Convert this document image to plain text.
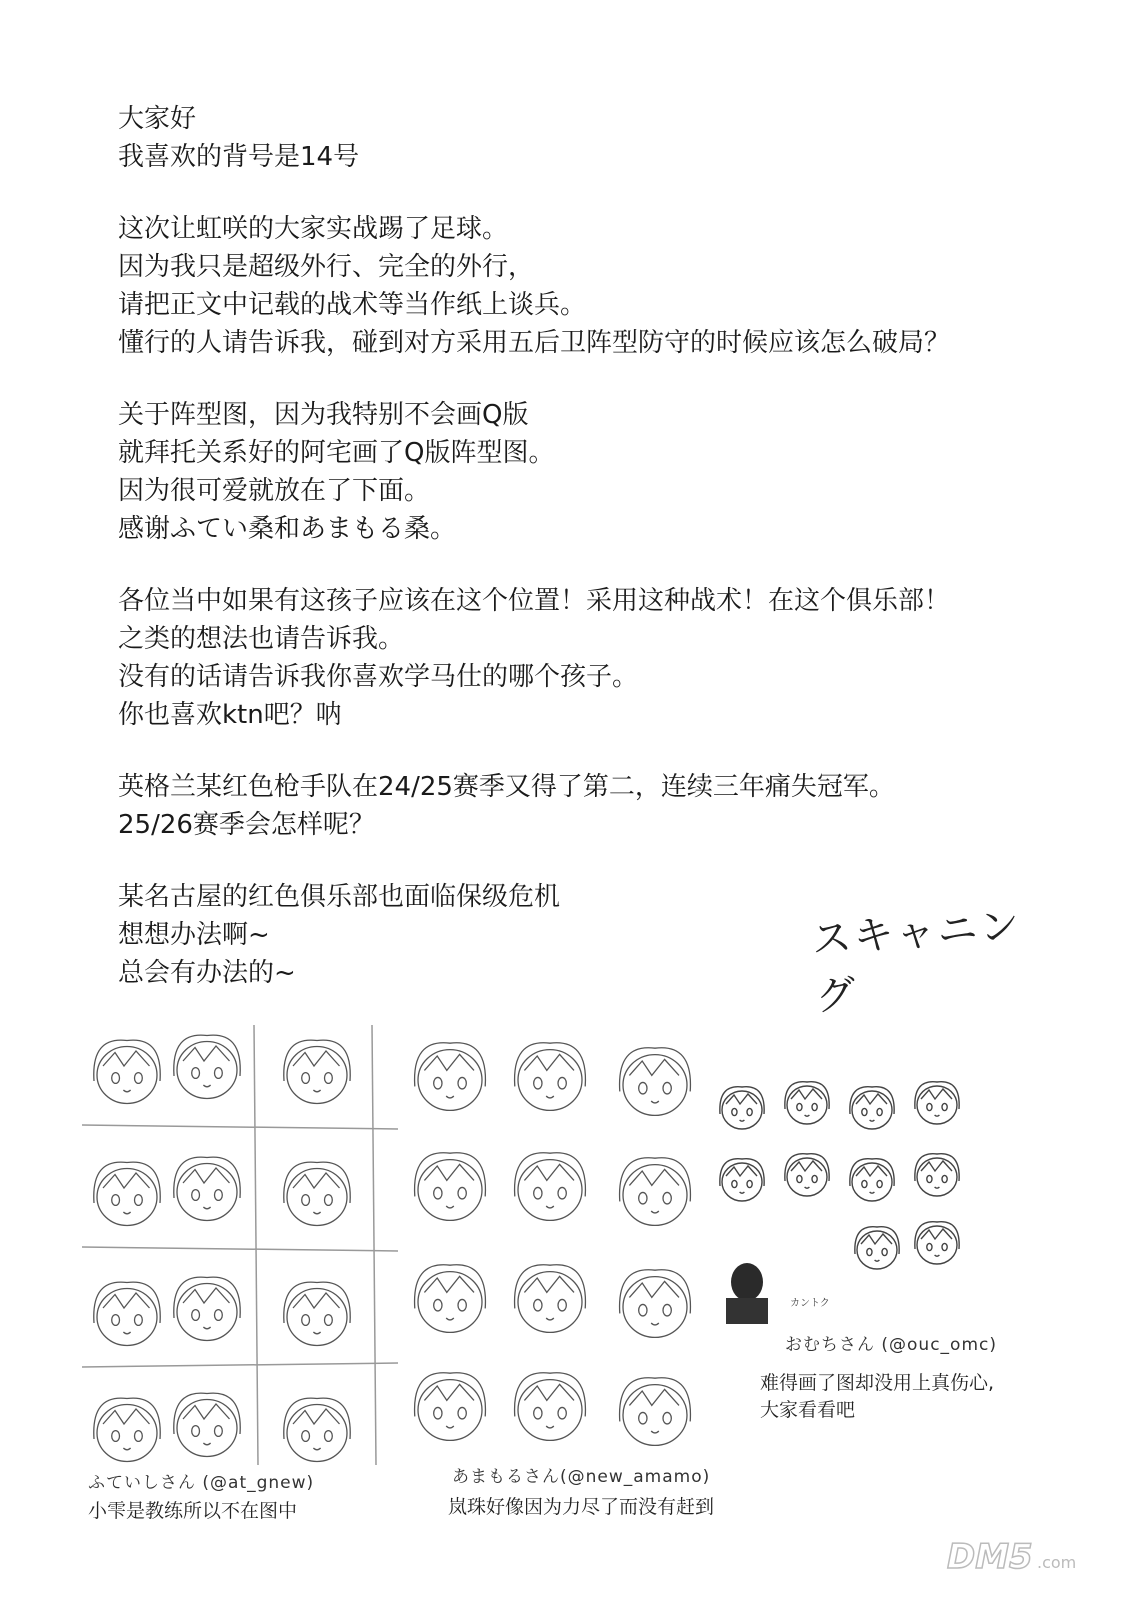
大家好
我喜欢的背号是14号
这次让虹咲的大家实战踢了足球。
因为我只是超级外行、完全的外行，
请把正文中记载的战术等当作纸上谈兵。
懂行的人请告诉我，碰到对方采用五后卫阵型防守的时候应该怎么破局？
关于阵型图，因为我特别不会画Q版
就拜托关系好的阿宅画了Q版阵型图。
因为很可爱就放在了下面。
感谢ふてい桑和あまもる桑。
各位当中如果有这孩子应该在这个位置！采用这种战术！在这个俱乐部！
之类的想法也请告诉我。
没有的话请告诉我你喜欢学马仕的哪个孩子。
你也喜欢ktn吧？呐
英格兰某红色枪手队在24/25赛季又得了第二，连续三年痛失冠军。
25/26赛季会怎样呢？
某名古屋的红色俱乐部也面临保级危机
想想办法啊~
总会有办法的~
スキャニング
ふていしさん (@at_gnew)
小雫是教练所以不在图中
あまもるさん(@new_amamo)
岚珠好像因为力尽了而没有赶到
カントク
おむちさん (@ouc_omc)
难得画了图却没用上真伤心,
大家看看吧
DM5 .com
